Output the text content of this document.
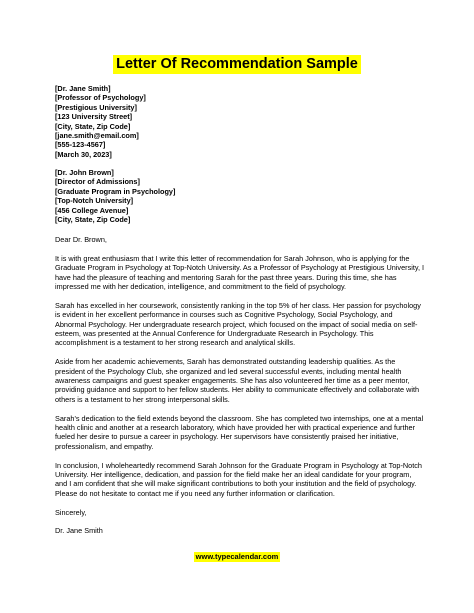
Letter Of Recommendation Sample
[Dr. Jane Smith]
[Professor of Psychology]
[Prestigious University]
[123 University Street]
[City, State, Zip Code]
[jane.smith@email.com]
[555-123-4567]
[March 30, 2023]
[Dr. John Brown]
[Director of Admissions]
[Graduate Program in Psychology]
[Top-Notch University]
[456 College Avenue]
[City, State, Zip Code]

Dear Dr. Brown,

It is with great enthusiasm that I write this letter of recommendation for Sarah Johnson, who is applying for the Graduate Program in Psychology at Top-Notch University. As a Professor of Psychology at Prestigious University, I have had the pleasure of teaching and mentoring Sarah for the past three years. During this time, she has impressed me with her dedication, intelligence, and commitment to the field of psychology.

Sarah has excelled in her coursework, consistently ranking in the top 5% of her class. Her passion for psychology is evident in her excellent performance in courses such as Cognitive Psychology, Social Psychology, and Abnormal Psychology. Her undergraduate research project, which focused on the impact of social media on self-esteem, was presented at the Annual Conference for Undergraduate Research in Psychology. This accomplishment is a testament to her strong research and analytical skills.

Aside from her academic achievements, Sarah has demonstrated outstanding leadership qualities. As the president of the Psychology Club, she organized and led several successful events, including mental health awareness campaigns and guest speaker engagements. She has also volunteered her time as a peer mentor, providing guidance and support to her fellow students. Her ability to communicate effectively and collaborate with others is a testament to her strong interpersonal skills.

Sarah's dedication to the field extends beyond the classroom. She has completed two internships, one at a mental health clinic and another at a research laboratory, which have provided her with practical experience and further fueled her desire to pursue a career in psychology. Her supervisors have consistently praised her initiative, professionalism, and empathy.

In conclusion, I wholeheartedly recommend Sarah Johnson for the Graduate Program in Psychology at Top-Notch University. Her intelligence, dedication, and passion for the field make her an ideal candidate for your program, and I am confident that she will make significant contributions to both your institution and the field of psychology. Please do not hesitate to contact me if you need any further information or clarification.

Sincerely,

Dr. Jane Smith

www.typecalendar.com
